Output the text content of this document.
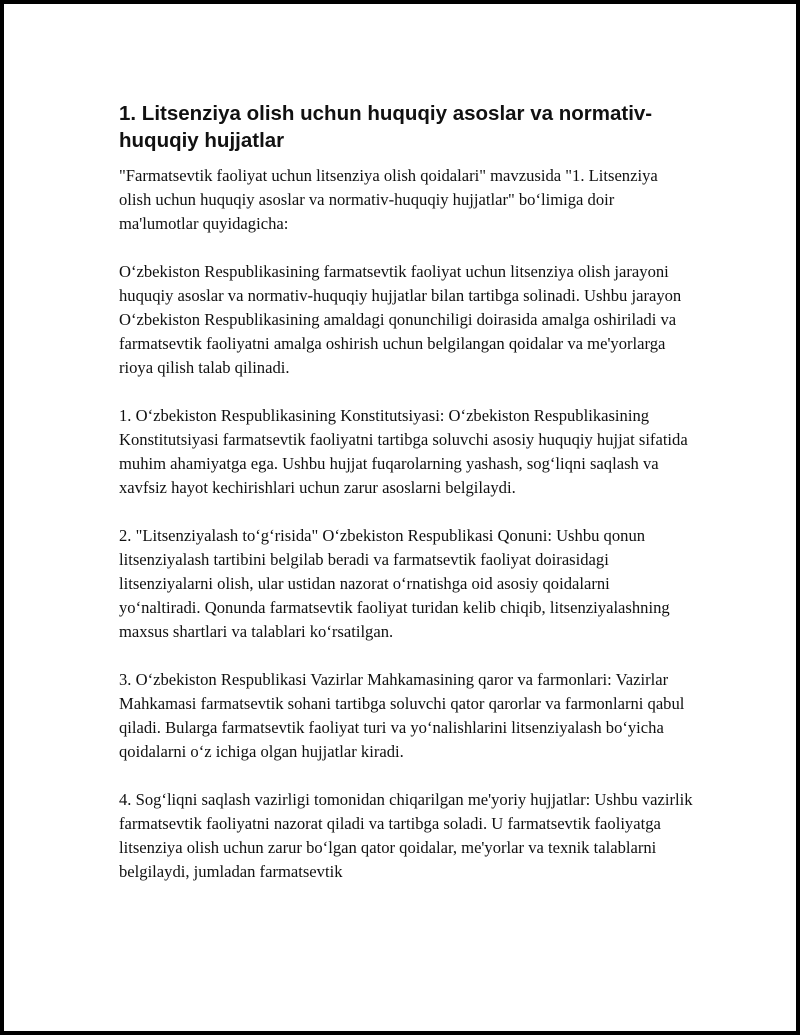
1. Litsenziya olish uchun huquqiy asoslar va normativ-huquqiy hujjatlar

"Farmatsevtik faoliyat uchun litsenziya olish qoidalari" mavzusida "1. Litsenziya olish uchun huquqiy asoslar va normativ-huquqiy hujjatlar" bo‘limiga doir ma'lumotlar quyidagicha:

O‘zbekiston Respublikasining farmatsevtik faoliyat uchun litsenziya olish jarayoni huquqiy asoslar va normativ-huquqiy hujjatlar bilan tartibga solinadi. Ushbu jarayon O‘zbekiston Respublikasining amaldagi qonunchiligi doirasida amalga oshiriladi va farmatsevtik faoliyatni amalga oshirish uchun belgilangan qoidalar va me'yorlarga rioya qilish talab qilinadi.

1. O‘zbekiston Respublikasining Konstitutsiyasi: O‘zbekiston Respublikasining Konstitutsiyasi farmatsevtik faoliyatni tartibga soluvchi asosiy huquqiy hujjat sifatida muhim ahamiyatga ega. Ushbu hujjat fuqarolarning yashash, sog‘liqni saqlash va xavfsiz hayot kechirishlari uchun zarur asoslarni belgilaydi.

2. "Litsenziyalash to‘g‘risida" O‘zbekiston Respublikasi Qonuni: Ushbu qonun litsenziyalash tartibini belgilab beradi va farmatsevtik faoliyat doirasidagi litsenziyalarni olish, ular ustidan nazorat o‘rnatishga oid asosiy qoidalarni yo‘naltiradi. Qonunda farmatsevtik faoliyat turidan kelib chiqib, litsenziyalashning maxsus shartlari va talablari ko‘rsatilgan.

3. O‘zbekiston Respublikasi Vazirlar Mahkamasining qaror va farmonlari: Vazirlar Mahkamasi farmatsevtik sohani tartibga soluvchi qator qarorlar va farmonlarni qabul qiladi. Bularga farmatsevtik faoliyat turi va yo‘nalishlarini litsenziyalash bo‘yicha qoidalarni o‘z ichiga olgan hujjatlar kiradi.

4. Sog‘liqni saqlash vazirligi tomonidan chiqarilgan me'yoriy hujjatlar: Ushbu vazirlik farmatsevtik faoliyatni nazorat qiladi va tartibga soladi. U farmatsevtik faoliyatga litsenziya olish uchun zarur bo‘lgan qator qoidalar, me'yorlar va texnik talablarni belgilaydi, jumladan farmatsevtik
